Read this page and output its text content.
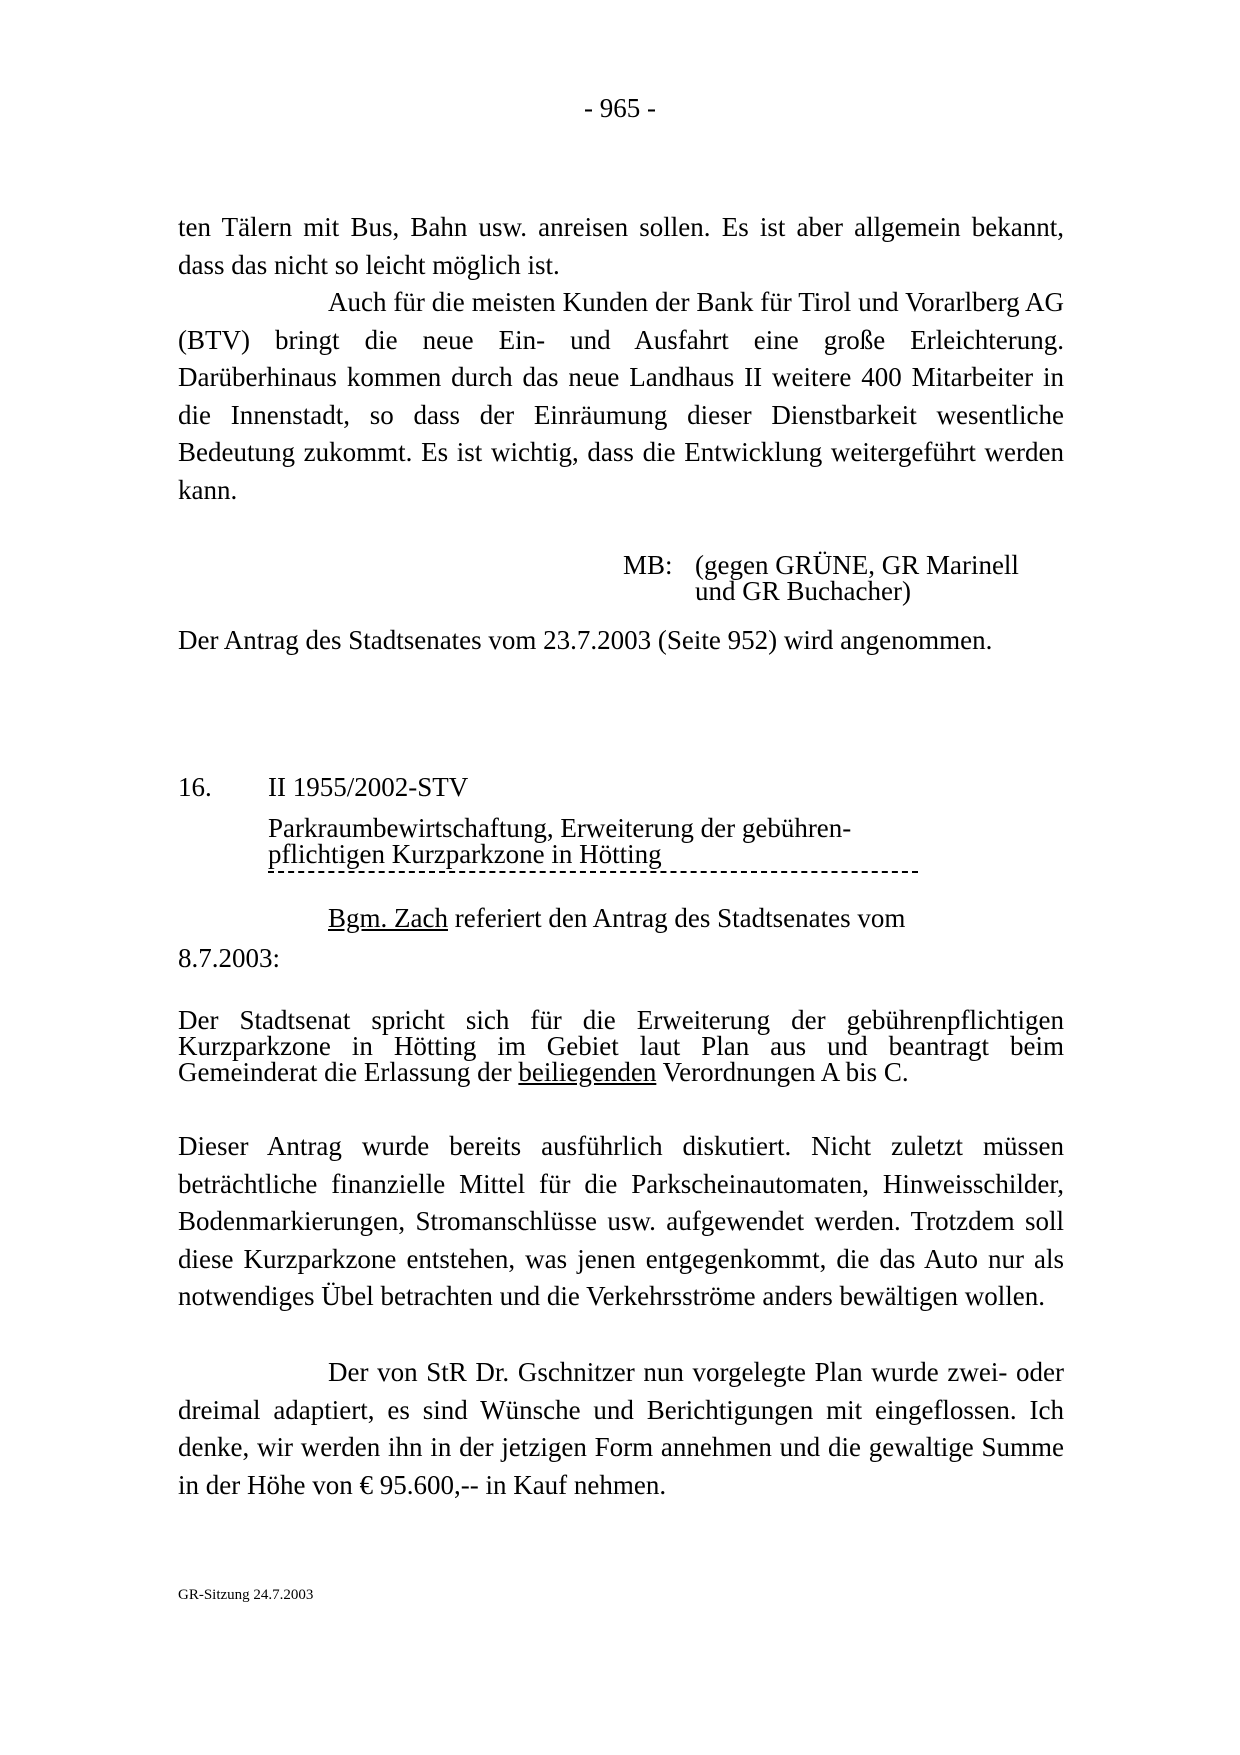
- 965 -

ten Tälern mit Bus, Bahn usw. anreisen sollen. Es ist aber allgemein bekannt, dass das nicht so leicht möglich ist.

Auch für die meisten Kunden der Bank für Tirol und Vorarlberg AG (BTV) bringt die neue Ein- und Ausfahrt eine große Erleichterung. Darüberhinaus kommen durch das neue Landhaus II weitere 400 Mitarbeiter in die Innenstadt, so dass der Einräumung dieser Dienstbarkeit wesentliche Bedeutung zukommt. Es ist wichtig, dass die Entwicklung weitergeführt werden kann.

MB: (gegen GRÜNE, GR Marinell
und GR Buchacher)

Der Antrag des Stadtsenates vom 23.7.2003 (Seite 952) wird angenommen.

16. II 1955/2002-STV
Parkraumbewirtschaftung, Erweiterung der gebühren-
pflichtigen Kurzparkzone in Hötting
Bgm. Zach referiert den Antrag des Stadtsenates vom
8.7.2003:

Der Stadtsenat spricht sich für die Erweiterung der gebührenpflichtigen Kurzparkzone in Hötting im Gebiet laut Plan aus und beantragt beim Gemeinderat die Erlassung der beiliegenden Verordnungen A bis C.

Dieser Antrag wurde bereits ausführlich diskutiert. Nicht zuletzt müssen beträchtliche finanzielle Mittel für die Parkscheinautomaten, Hinweisschilder, Bodenmarkierungen, Stromanschlüsse usw. aufgewendet werden. Trotzdem soll diese Kurzparkzone entstehen, was jenen entgegenkommt, die das Auto nur als notwendiges Übel betrachten und die Verkehrsströme anders bewältigen wollen.

Der von StR Dr. Gschnitzer nun vorgelegte Plan wurde zwei- oder dreimal adaptiert, es sind Wünsche und Berichtigungen mit eingeflossen. Ich denke, wir werden ihn in der jetzigen Form annehmen und die gewaltige Summe in der Höhe von € 95.600,-- in Kauf nehmen.

GR-Sitzung 24.7.2003
